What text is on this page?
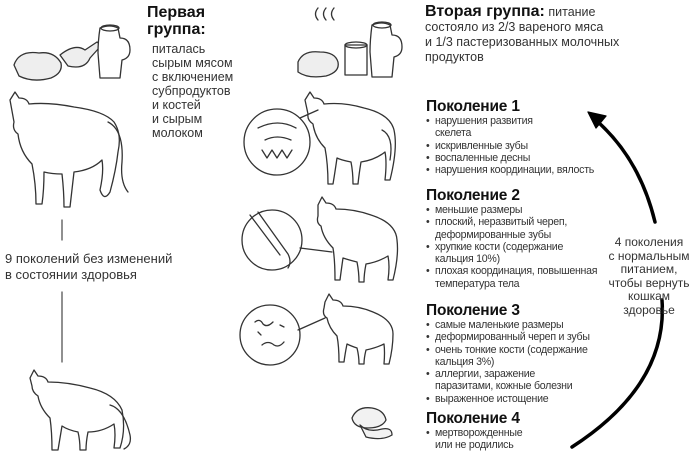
Первая группа:
питалась
сырым мясом
с включением
субпродуктов
и костей
и сырым
молоком
9 поколений без изменений
в состоянии здоровья
Вторая группа: питание
состояло из 2/3 вареного мяса
и 1/3 пастеризованных молочных
продуктов
Поколение 1
• нарушения развития скелета
• искривленные зубы
• воспаленные десны
• нарушения координации, вялость
Поколение 2
• меньшие размеры
• плоский, неразвитый череп, деформированные зубы
• хрупкие кости (содержание кальция 10%)
• плохая координация, повышенная температура тела
Поколение 3
• самые маленькие размеры
• деформированный череп и зубы
• очень тонкие кости (содержание кальция 3%)
• аллергии, заражение паразитами, кожные болезни
• выраженное истощение
Поколение 4
• мертворожденные или не родились
4 поколения
с нормальным
питанием,
чтобы вернуть
кошкам
здоровье
